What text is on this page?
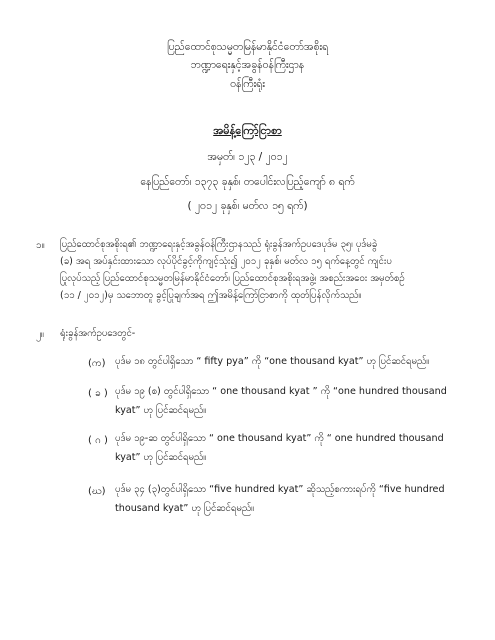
ပြည်ထောင်စုသမ္မတမြန်မာနိုင်ငံတော်အစိုးရ
ဘဏ္ဍာရေးနှင့်အခွန်ဝန်ကြီးဌာန
ဝန်ကြီးရုံး
အမိန့်ကြော်ငြာစာ
အမှတ်၊ ၁၂၃ / ၂၀၁၂
နေပြည်တော်၊ ၁၃၇၃ ခုနှစ်၊ တပေါင်းလပြည့်ကျော် ၈ ရက်
( ၂၀၁၂ ခုနှစ်၊ မတ်လ ၁၅ ရက်)
၁။ ပြည်ထောင်စုအစိုးရ၏ ဘဏ္ဍာရေးနှင့်အခွန်ဝန်ကြီးဌာနသည် ရုံးခွန်အက်ဥပဒေပုဒ်မ ၃၅၊ ပုဒ်မခွဲ
(ခ) အရ အပ်နှင်းထားသော လုပ်ပိုင်ခွင့်ကိုကျင့်သုံး၍ ၂၀၁၂ ခုနှစ်၊ မတ်လ ၁၅ ရက်နေ့တွင် ကျင်းပ
ပြုလုပ်သည့် ပြည်ထောင်စုသမ္မတမြန်မာနိုင်ငံတော်၊ ပြည်ထောင်စုအစိုးရအဖွဲ့၊ အစည်းအဝေး အမှတ်စဉ်
(၁၁ / ၂၀၁၂)မှ သဘောတူ ခွင့်ပြုချက်အရ ဤအမိန့်ကြော်ငြာစာကို ထုတ်ပြန်လိုက်သည်။
၂။ ရုံးခွန်အက်ဥပဒေတွင်-
(က) ပုဒ်မ ၁၈ တွင်ပါရှိသော “ fifty pya” ကို “one thousand kyat” ဟု ပြင်ဆင်ရမည်။
( ခ ) ပုဒ်မ ၁၉ (စ) တွင်ပါရှိသော “ one thousand kyat ” ကို “one hundred thousand
kyat” ဟု ပြင်ဆင်ရမည်။
( ဂ ) ပုဒ်မ ၁၉-ဆ တွင်ပါရှိသော “ one thousand kyat” ကို “ one hundred thousand
kyat” ဟု ပြင်ဆင်ရမည်။
(ဃ) ပုဒ်မ ၃၄ (၃)တွင်ပါရှိသော “five hundred kyat” ဆိုသည့်စကားရပ်ကို “five hundred
thousand kyat” ဟု ပြင်ဆင်ရမည်။
